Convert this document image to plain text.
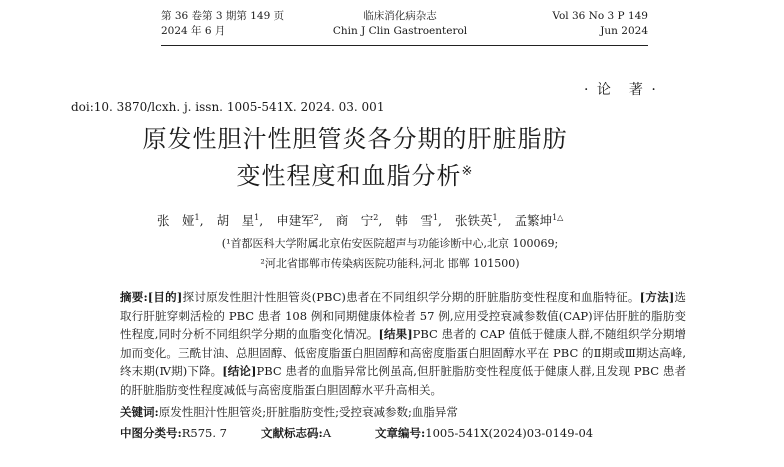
第 36 卷第 3 期第 149 页
2024 年 6 月
临床消化病杂志
Chin J Clin Gastroenterol
Vol 36 No 3 P 149
Jun 2024
· 论　著 ·
doi:10. 3870/lcxh. j. issn. 1005-541X. 2024. 03. 001
原发性胆汁性胆管炎各分期的肝脏脂肪
变性程度和血脂分析※
张　娅$^1$, 胡　星$^1$, 申建军$^2$, 商　宁$^2$, 韩　雪$^1$, 张铁英$^1$, 孟繁坤$^{1\triangle}$
(¹首都医科大学附属北京佑安医院超声与功能诊断中心,北京 100069;
²河北省邯郸市传染病医院功能科,河北 邯郸 101500)
摘要:[目的]探讨原发性胆汁性胆管炎(PBC)患者在不同组织学分期的肝脏脂肪变性程度和血脂特征。[方法]选取行肝脏穿刺活检的 PBC 患者 108 例和同期健康体检者 57 例,应用受控衰减参数值(CAP)评估肝脏的脂肪变性程度,同时分析不同组织学分期的血脂变化情况。[结果]PBC 患者的 CAP 值低于健康人群,不随组织学分期增加而变化。三酰甘油、总胆固醇、低密度脂蛋白胆固醇和高密度脂蛋白胆固醇水平在 PBC 的Ⅱ期或Ⅲ期达高峰,终末期(Ⅳ期)下降。[结论]PBC 患者的血脂异常比例虽高,但肝脏脂肪变性程度低于健康人群,且发现 PBC 患者的肝脏脂肪变性程度减低与高密度脂蛋白胆固醇水平升高相关。
关键词:原发性胆汁性胆管炎;肝脏脂肪变性;受控衰减参数;血脂异常
中图分类号:R575. 7	文献标志码:A	文章编号:1005-541X(2024)03-0149-04
